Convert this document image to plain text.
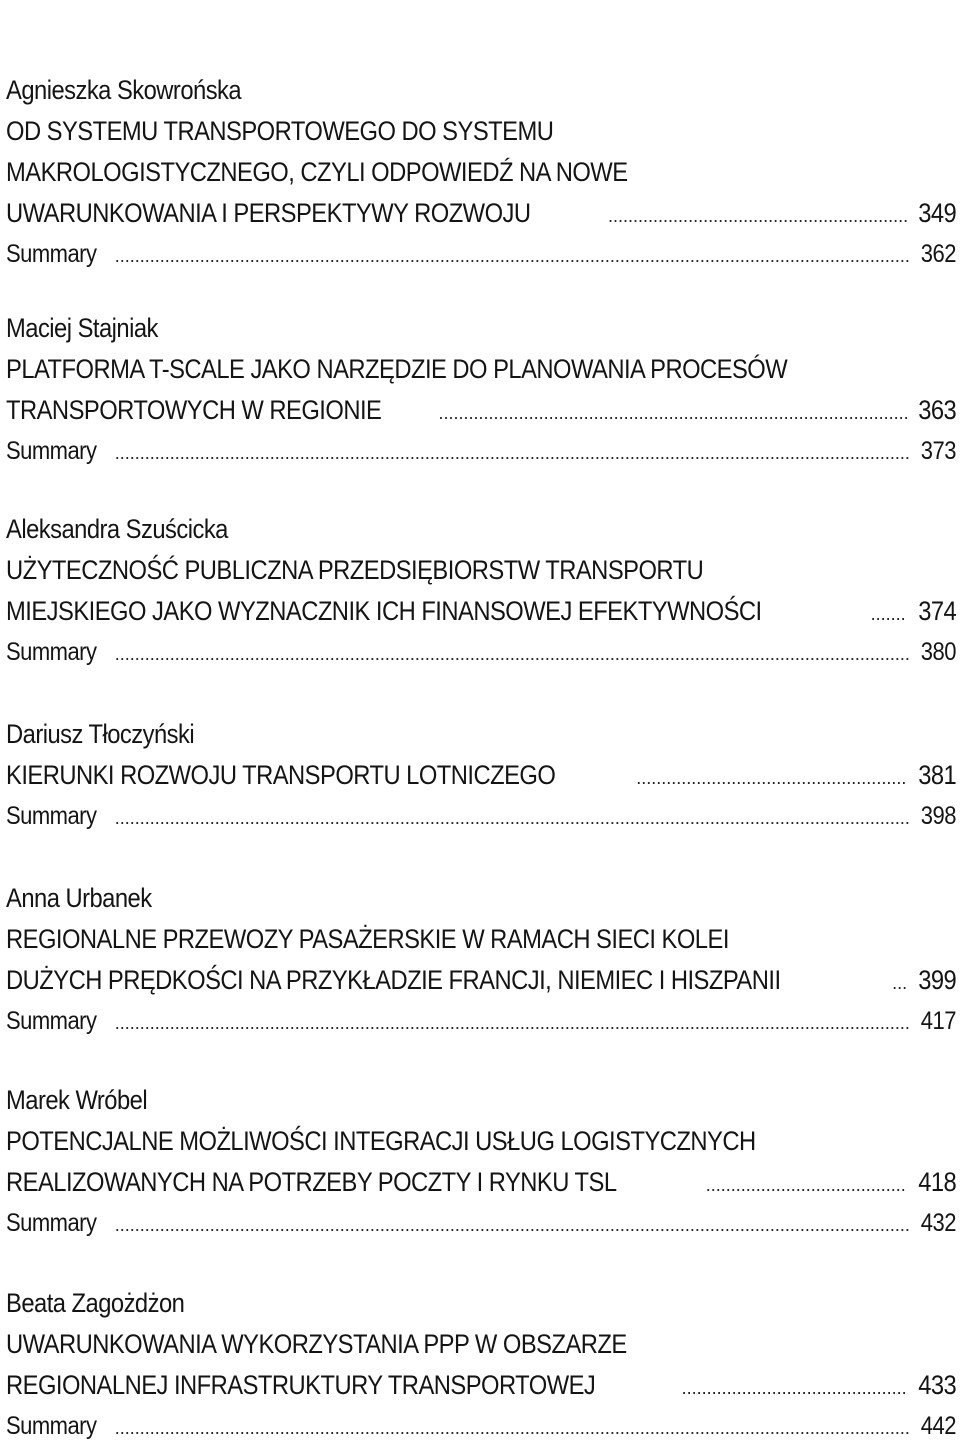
Agnieszka Skowrońska
OD SYSTEMU TRANSPORTOWEGO DO SYSTEMU
MAKROLOGISTYCZNEGO, CZYLI ODPOWIEDŹ NA NOWE
UWARUNKOWANIA I PERSPEKTYWY ROZWOJU .....	349
Summary .....	362
Maciej Stajniak
PLATFORMA T-SCALE JAKO NARZĘDZIE DO PLANOWANIA PROCESÓW
TRANSPORTOWYCH W REGIONIE .....	363
Summary .....	373
Aleksandra Szuścicka
UŻYTECZNOŚĆ PUBLICZNA PRZEDSIĘBIORSTW TRANSPORTU
MIEJSKIEGO JAKO WYZNACZNIK ICH FINANSOWEJ EFEKTYWNOŚCI .....	374
Summary .....	380
Dariusz Tłoczyński
KIERUNKI ROZWOJU TRANSPORTU LOTNICZEGO .....	381
Summary .....	398
Anna Urbanek
REGIONALNE PRZEWOZY PASAŻERSKIE W RAMACH SIECI KOLEI
DUŻYCH PRĘDKOŚCI NA PRZYKŁADZIE FRANCJI, NIEMIEC I HISZPANII .....	399
Summary .....	417
Marek Wróbel
POTENCJALNE MOŻLIWOŚCI INTEGRACJI USŁUG LOGISTYCZNYCH
REALIZOWANYCH NA POTRZEBY POCZTY I RYNKU TSL .....	418
Summary .....	432
Beata Zagożdżon
UWARUNKOWANIA WYKORZYSTANIA PPP W OBSZARZE
REGIONALNEJ INFRASTRUKTURY TRANSPORTOWEJ .....	433
Summary .....	442
